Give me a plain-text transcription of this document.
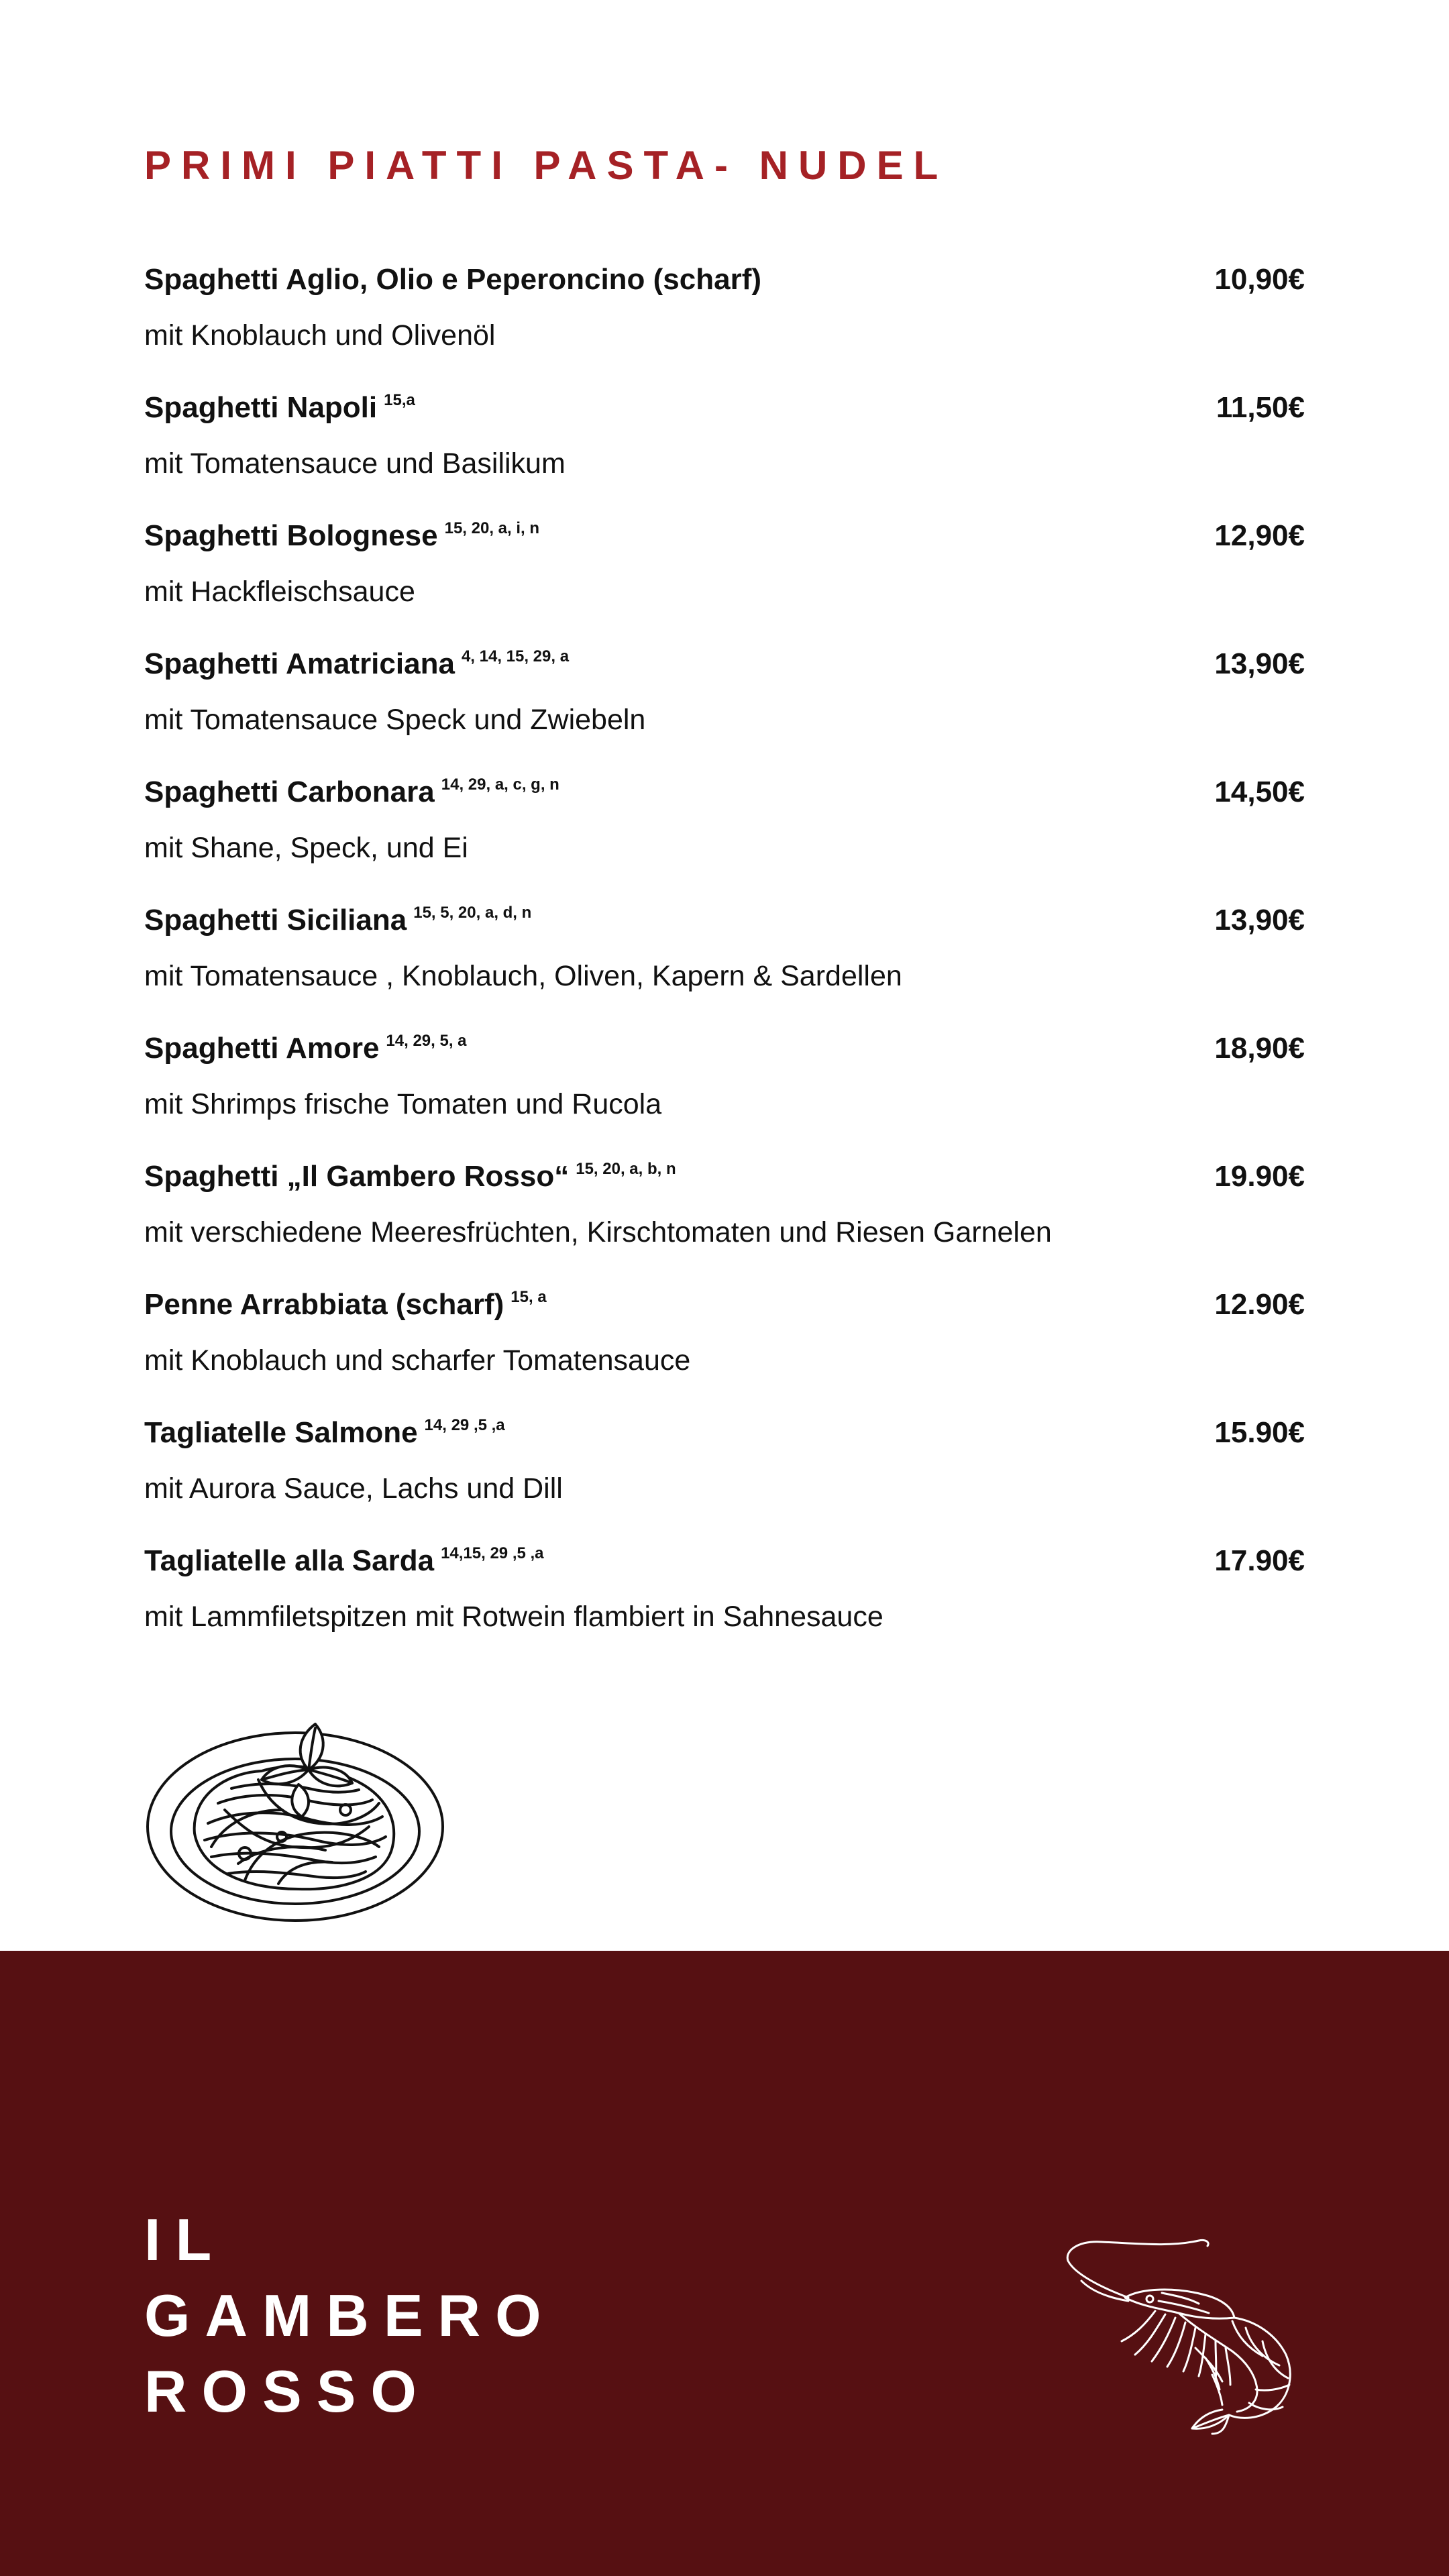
PRIMI PIATTI PASTA- NUDEL
Spaghetti Aglio, Olio e Peperoncino (scharf)	10,90€
mit Knoblauch und Olivenöl
Spaghetti Napoli $^{15,a}$	11,50€
mit Tomatensauce und Basilikum
Spaghetti Bolognese $^{15, 20, a, i, n}$	12,90€
mit Hackfleischsauce
Spaghetti Amatriciana $^{4, 14, 15, 29, a}$	13,90€
mit Tomatensauce Speck und Zwiebeln
Spaghetti Carbonara $^{14, 29, a, c, g, n}$	14,50€
mit Shane, Speck, und Ei
Spaghetti Siciliana $^{15, 5, 20, a, d, n}$	13,90€
mit Tomatensauce , Knoblauch, Oliven, Kapern & Sardellen
Spaghetti Amore $^{14, 29, 5, a}$	18,90€
mit Shrimps frische Tomaten und Rucola
Spaghetti „Il Gambero Rosso“ $^{15, 20, a, b, n}$	19.90€
mit verschiedene Meeresfrüchten, Kirschtomaten und Riesen Garnelen
Penne Arrabbiata (scharf) $^{15, a}$	12.90€
mit Knoblauch und scharfer Tomatensauce
Tagliatelle Salmone $^{14, 29 ,5 ,a}$	15.90€
mit Aurora Sauce, Lachs und Dill
Tagliatelle alla Sarda $^{14,15, 29 ,5 ,a}$	17.90€
mit Lammfiletspitzen mit Rotwein flambiert in Sahnesauce
IL
GAMBERO
ROSSO
